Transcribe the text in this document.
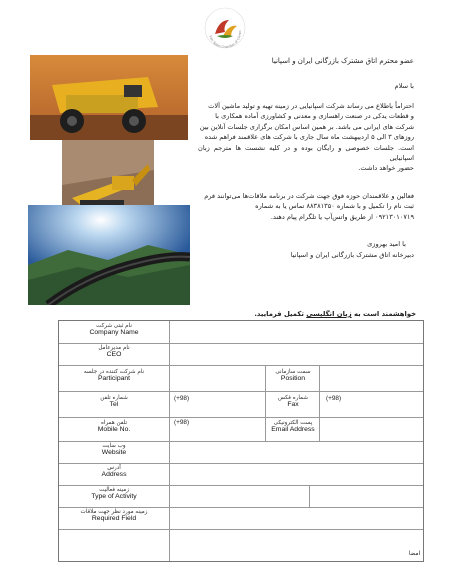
Iran Spain Chamber of Comm
عضو محترم اتاق مشترک بازرگانی ایران و اسپانیا
با سلام
احتراماً باطلاع می رساند شرکت اسپانیایی در زمینه تهیه و تولید ماشین آلات
و قطعات یدکی در صنعت راهسازی و معدنی و کشاورزی آماده همکاری با
شرکت های ایرانی می باشد. بر همین اساس امکان برگزاری جلسات آنلاین بین
روزهای ۳ الی ۵ اردیبهشت ماه سال جاری با شرکت های علاقمند فراهم شده
است. جلسات خصوصی و رایگان بوده و در کلیه نشست ها مترجم زبان اسپانیایی
حضور خواهد داشت.
فعالین و علاقمندان حوزه فوق جهت شرکت در برنامه ملاقات‌ها می‌توانند فرم
ثبت نام را تکمیل و با شماره ۸۸۳۸۱۳۵۰ تماس یا به شماره
۰۹۲۱۳۰۱۰۷۱۹ از طریق واتس‌آپ یا تلگرام پیام دهند.
با امید بهروزی
دبیرخانه اتاق مشترک بازرگانی ایران و اسپانیا
خواهشمند است به زبان انگلیسی تکمیل فرمایید.
نام ثبتی شرکت
Company Name
نام مدیرعامل
CEO
نام شرکت کننده در جلسه
Participant
سمت سازمانی
Position
شماره تلفن
Tel
(+98)	شماره فکس
Fax
(+98)
تلفن همراه
Mobile No.
(+98)	پست الکترونیکی
Email Address
وب سایت
Website
آدرس
Address
زمینه فعالیت
Type of Activity
زمینه مورد نظر جهت ملاقات
Required Field
امضا
